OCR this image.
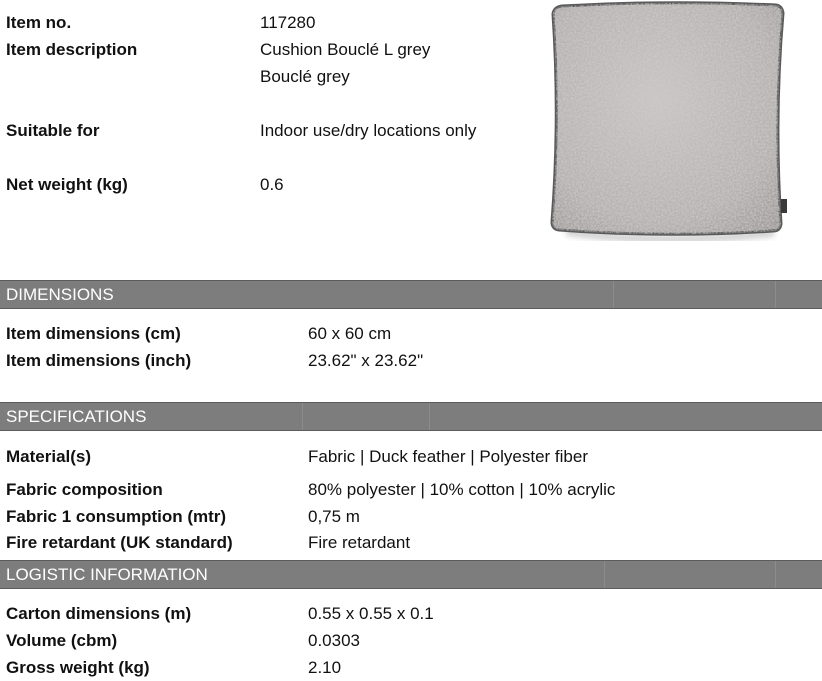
Item no.	117280
Item description	Cushion Bouclé L grey
Bouclé grey
Suitable for	Indoor use/dry locations only
Net weight (kg)	0.6
DIMENSIONS
Item dimensions (cm)	60 x 60 cm
Item dimensions (inch)	23.62" x 23.62"
SPECIFICATIONS
Material(s)	Fabric | Duck feather | Polyester fiber
Fabric composition	80% polyester | 10% cotton | 10% acrylic
Fabric 1 consumption (mtr)	0,75 m
Fire retardant (UK standard)	Fire retardant
LOGISTIC INFORMATION
Carton dimensions (m)	0.55 x 0.55 x 0.1
Volume (cbm)	0.0303
Gross weight (kg)	2.10
